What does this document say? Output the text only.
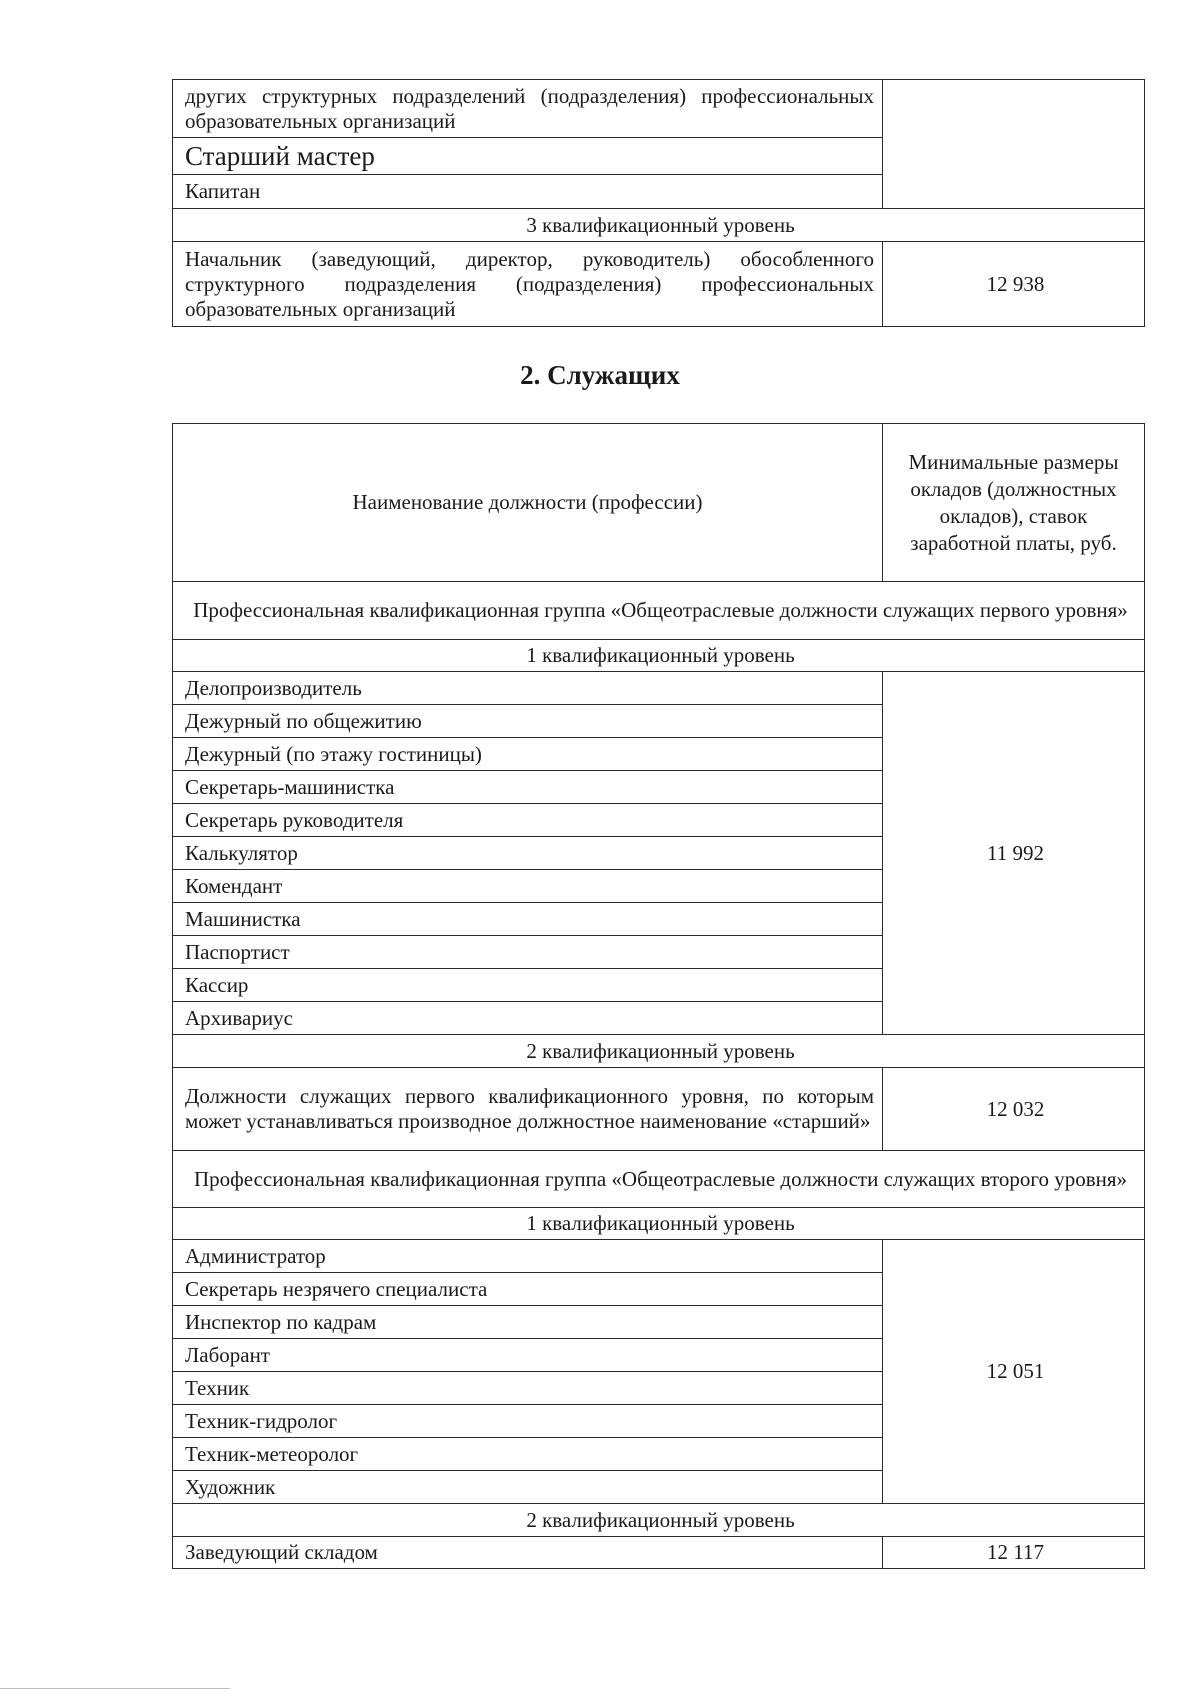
других структурных подразделений (подразделения) профессиональных образовательных организаций	
Старший мастер	
Капитан	
3 квалификационный уровень	
Начальник (заведующий, директор, руководитель) обособленного структурного подразделения (подразделения) профессиональных образовательных организаций	12 938
2. Служащих
Наименование должности (профессии)	Минимальные размеры окладов (должностных окладов), ставок заработной платы, руб.
Профессиональная квалификационная группа «Общеотраслевые должности служащих первого уровня»	
1 квалификационный уровень	
Делопроизводитель	11 992
Дежурный по общежитию	
Дежурный (по этажу гостиницы)	
Секретарь-машинистка	
Секретарь руководителя	
Калькулятор	
Комендант	
Машинистка	
Паспортист	
Кассир	
Архивариус	
2 квалификационный уровень	
Должности служащих первого квалификационного уровня, по которым может устанавливаться производное должностное наименование «старший»	12 032
Профессиональная квалификационная группа «Общеотраслевые должности служащих второго уровня»	
1 квалификационный уровень	
Администратор	12 051
Секретарь незрячего специалиста	
Инспектор по кадрам	
Лаборант	
Техник	
Техник-гидролог	
Техник-метеоролог	
Художник	
2 квалификационный уровень	
Заведующий складом	12 117
